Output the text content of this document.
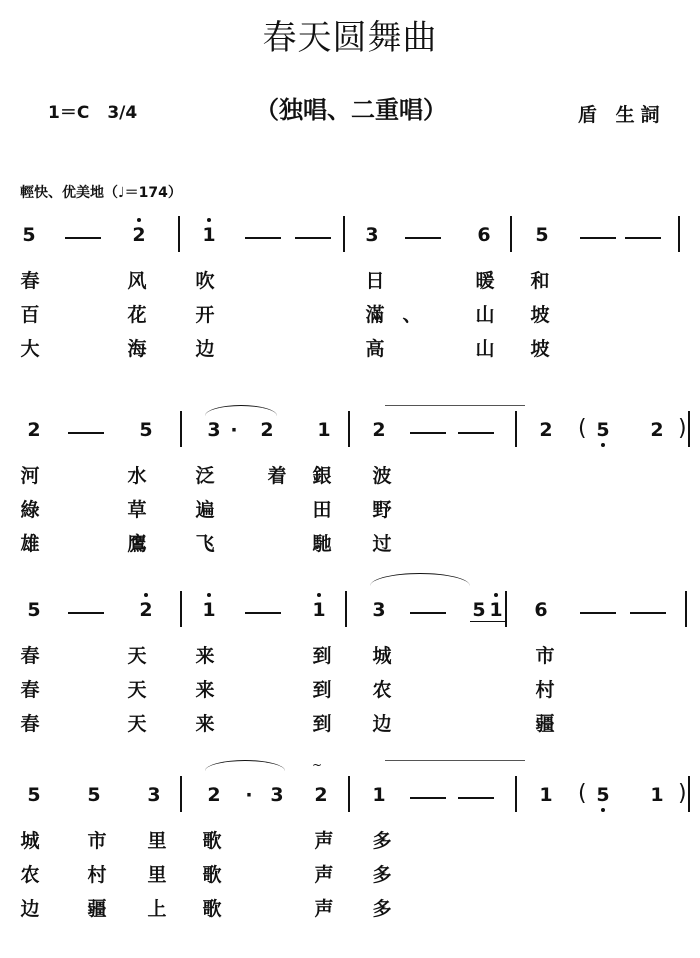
春天圆舞曲
1＝C 3/4	（独唱、二重唱）	盾 生詞
輕快、优美地（♩＝174）
5	2	1	3	6 5
春	风	吹	日	暖 和
百	花	开	滿 、	山 坡
大	海	边	高	山 坡
2	5	3 · 2 1 2	2 ( 5 2 )
河	水	泛	着 銀 波
綠	草	遍	田 野
雄	鷹	飞	馳 过
5	2	1	1 3	5 1 6
春	天	来	到 城	市
春	天	来	到 农	村
春	天	来	到 边	疆
5 5 3 2 · 3 2 1	1 ( 5 1 )
~
城	市 里 歌	声 多
农	村 里 歌	声 多
边	疆 上 歌	声 多
